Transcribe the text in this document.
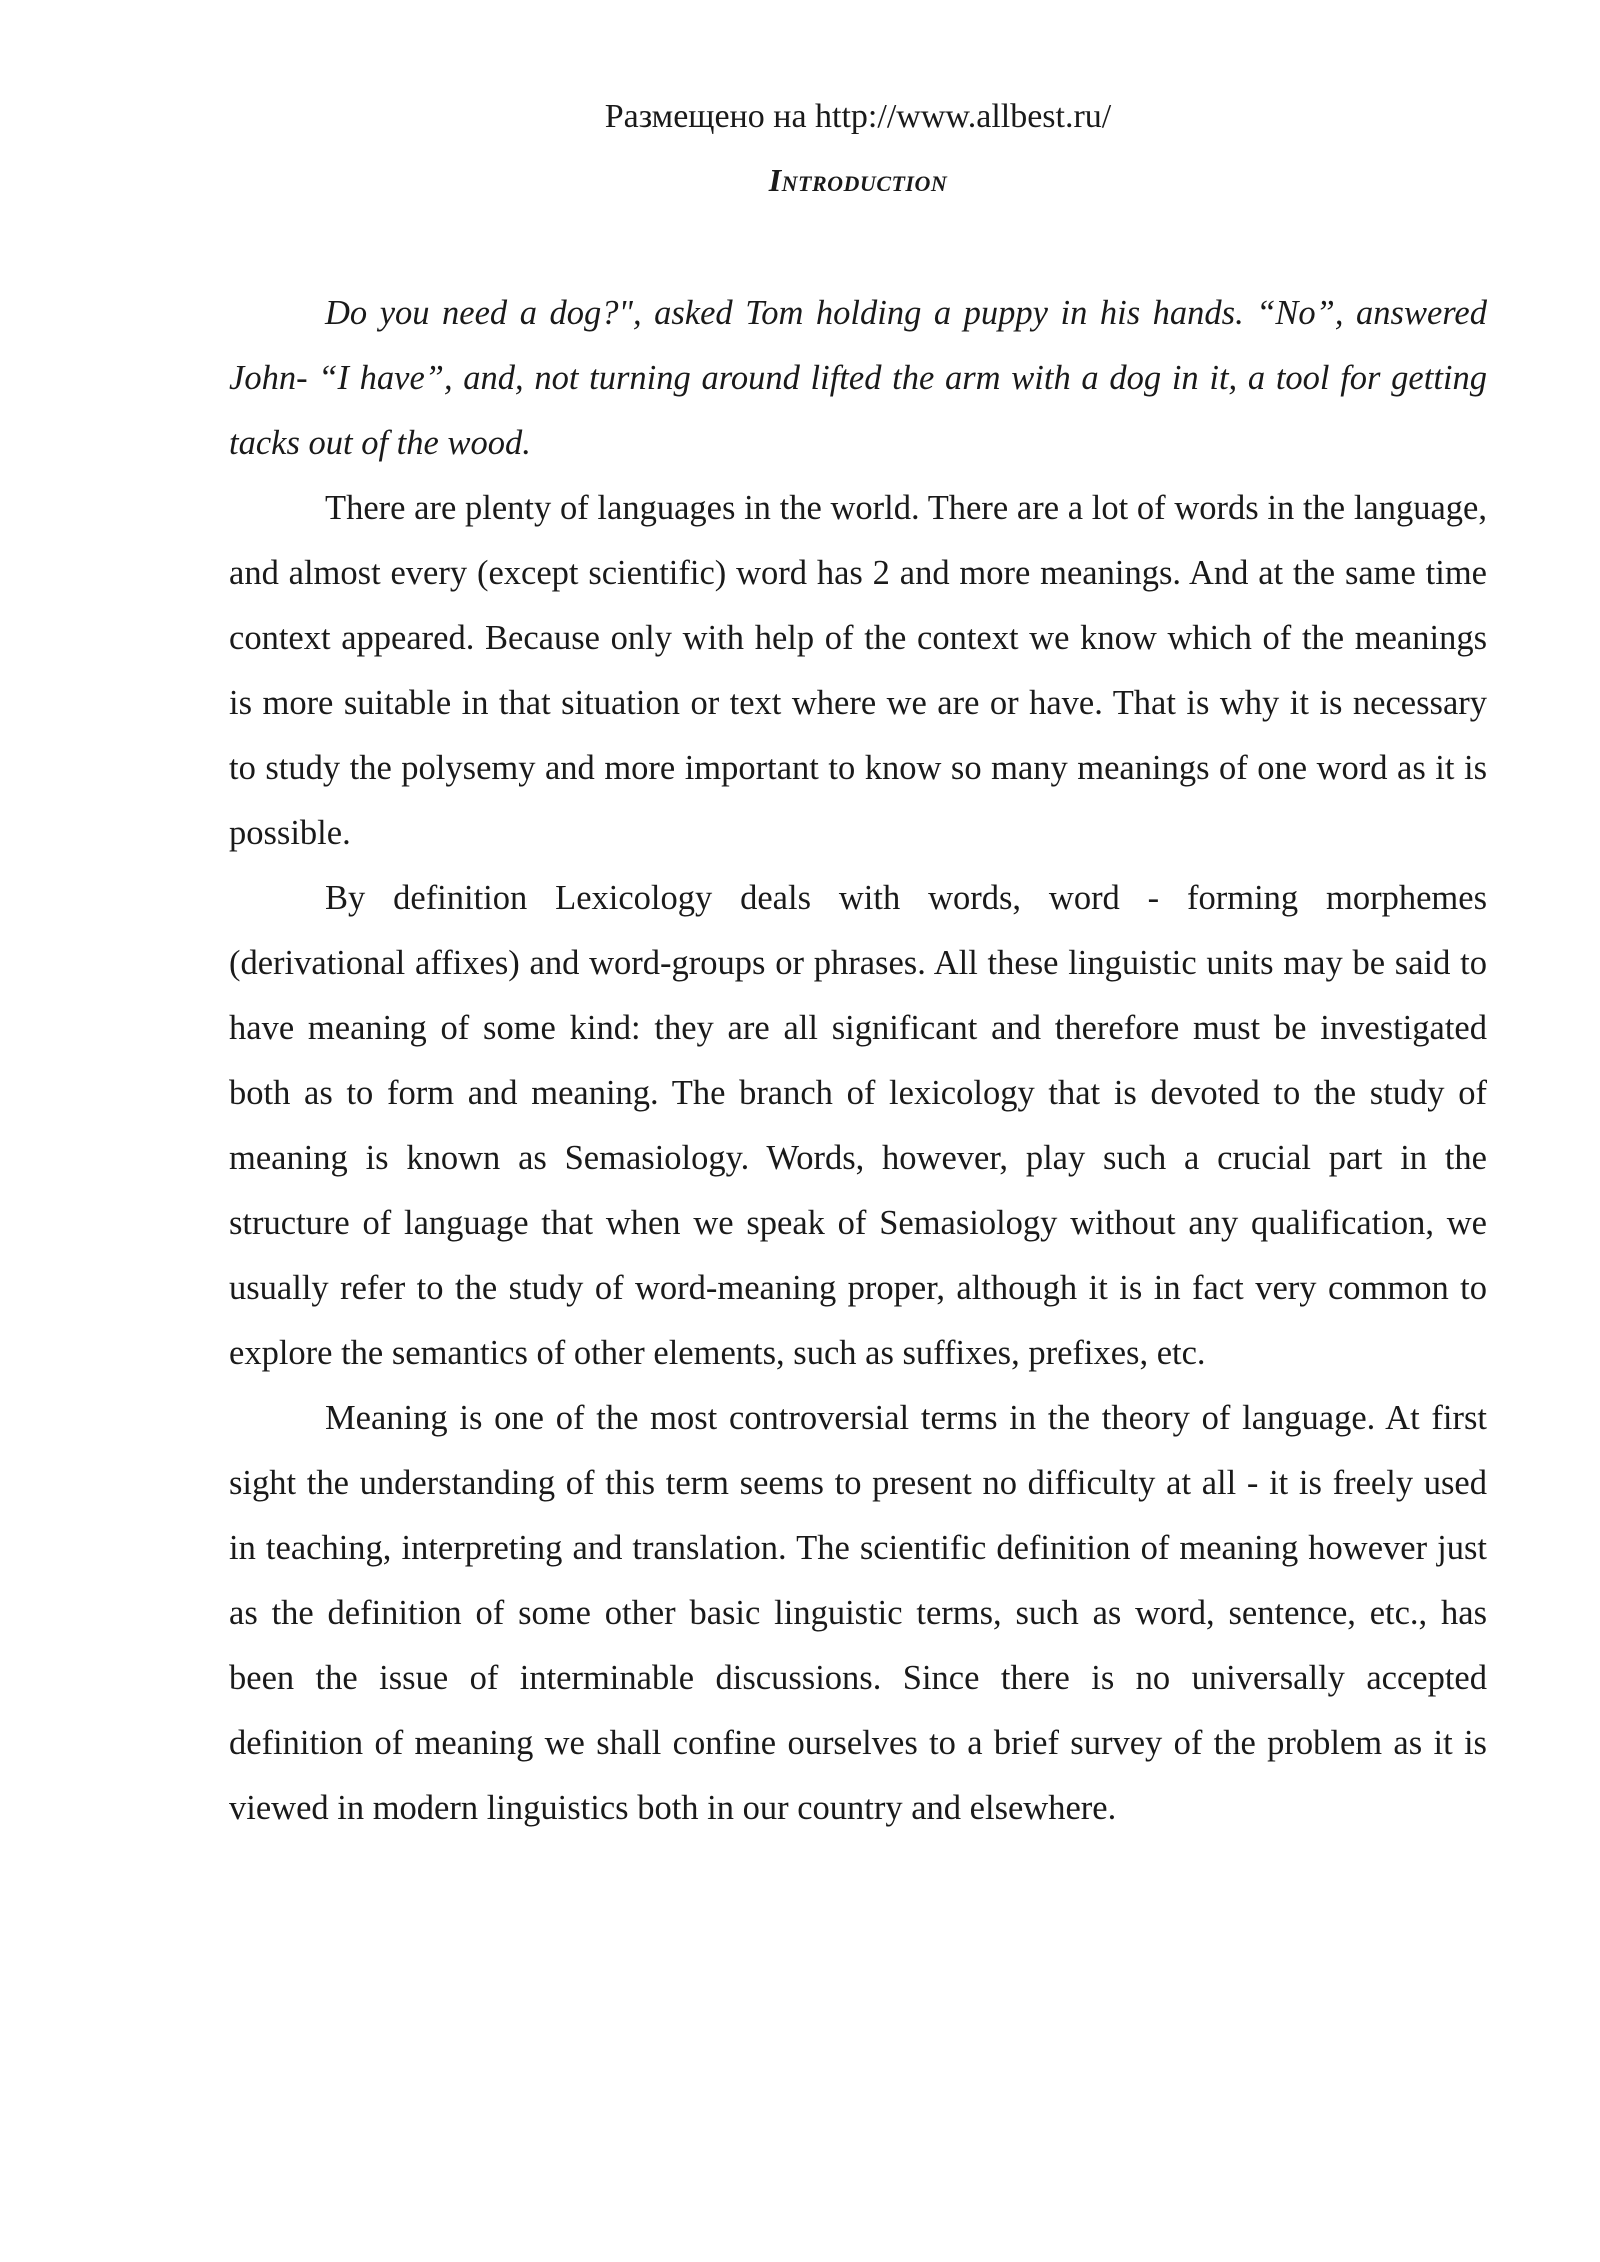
Размещено на http://www.allbest.ru/
Introduction

Do you need a dog?", asked Tom holding a puppy in his hands. “No”, answered John- “I have”, and, not turning around lifted the arm with a dog in it, a tool for getting tacks out of the wood.

There are plenty of languages in the world. There are a lot of words in the language, and almost every (except scientific) word has 2 and more meanings. And at the same time context appeared. Because only with help of the context we know which of the meanings is more suitable in that situation or text where we are or have. That is why it is necessary to study the polysemy and more important to know so many meanings of one word as it is possible.

By definition Lexicology deals with words, word - forming morphemes (derivational affixes) and word-groups or phrases. All these linguistic units may be said to have meaning of some kind: they are all significant and therefore must be investigated both as to form and meaning. The branch of lexicology that is devoted to the study of meaning is known as Semasiology. Words, however, play such a crucial part in the structure of language that when we speak of Semasiology without any qualification, we usually refer to the study of word-meaning proper, although it is in fact very common to explore the semantics of other elements, such as suffixes, prefixes, etc.

Meaning is one of the most controversial terms in the theory of language. At first sight the understanding of this term seems to present no difficulty at all - it is freely used in teaching, interpreting and translation. The scientific definition of meaning however just as the definition of some other basic linguistic terms, such as word, sentence, etc., has been the issue of interminable discussions. Since there is no universally accepted definition of meaning we shall confine ourselves to a brief survey of the problem as it is viewed in modern linguistics both in our country and elsewhere.
